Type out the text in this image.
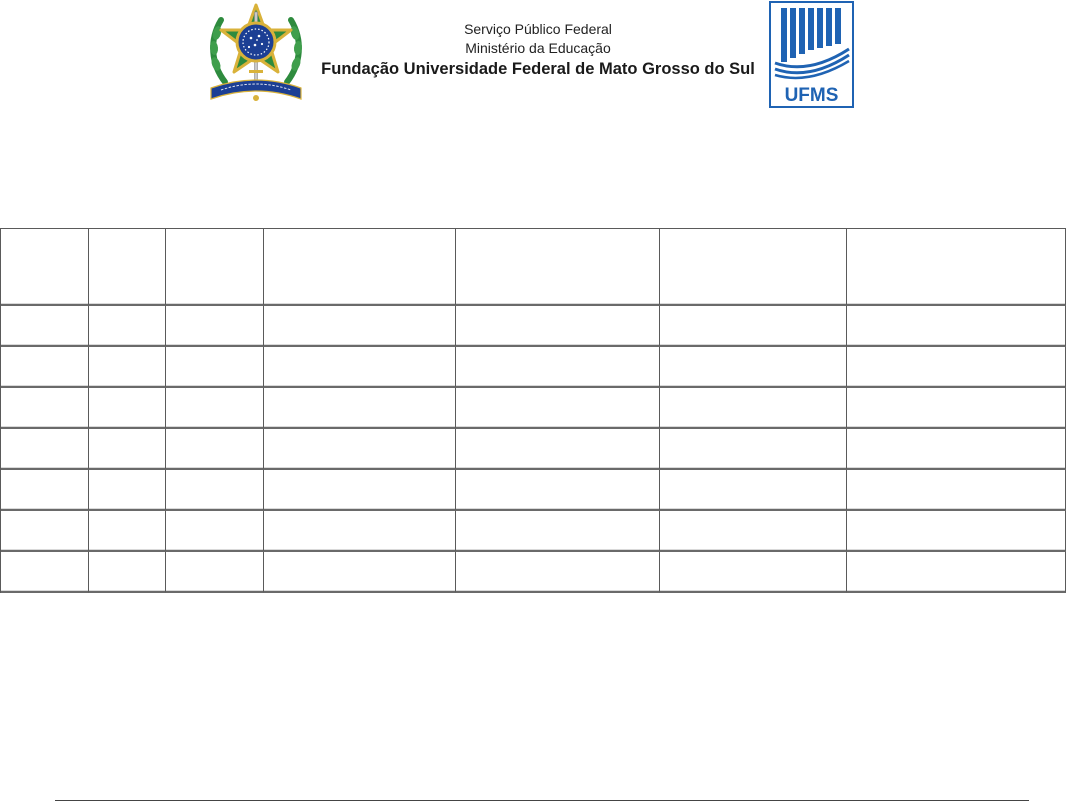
Serviço Público Federal
Ministério da Educação
Fundação Universidade Federal de Mato Grosso do Sul
UFMS
